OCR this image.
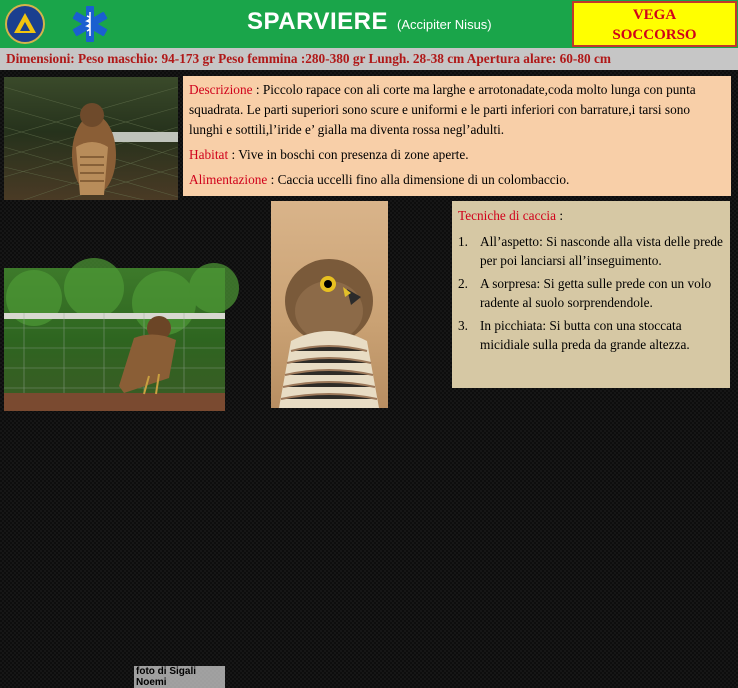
SPARVIERE (Accipiter Nisus)
VEGA
SOCCORSO
Dimensioni: Peso maschio: 94-173 gr Peso femmina :280-380 gr Lungh. 28-38 cm Apertura alare: 60-80 cm
foto di Sigali Noemi

Descrizione : Piccolo rapace con ali corte ma larghe e arrotonadate,coda molto lunga con punta squadrata. Le parti superiori sono scure e uniformi e le parti inferiori con barrature,i tarsi sono lunghi e sottili,l’iride e’ gialla ma diventa rossa negl’adulti.

Habitat : Vive in boschi con presenza di zone aperte.

Alimentazione : Caccia uccelli fino alla dimensione di un colombaccio.

Tecniche di caccia :
1. All’aspetto: Si nasconde alla vista delle prede per poi lanciarsi all’inseguimento.
2. A sorpresa: Si getta sulle prede con un volo radente al suolo sorprendendole.
3. In picchiata: Si butta con una stoccata micidiale sulla preda da grande altezza.
